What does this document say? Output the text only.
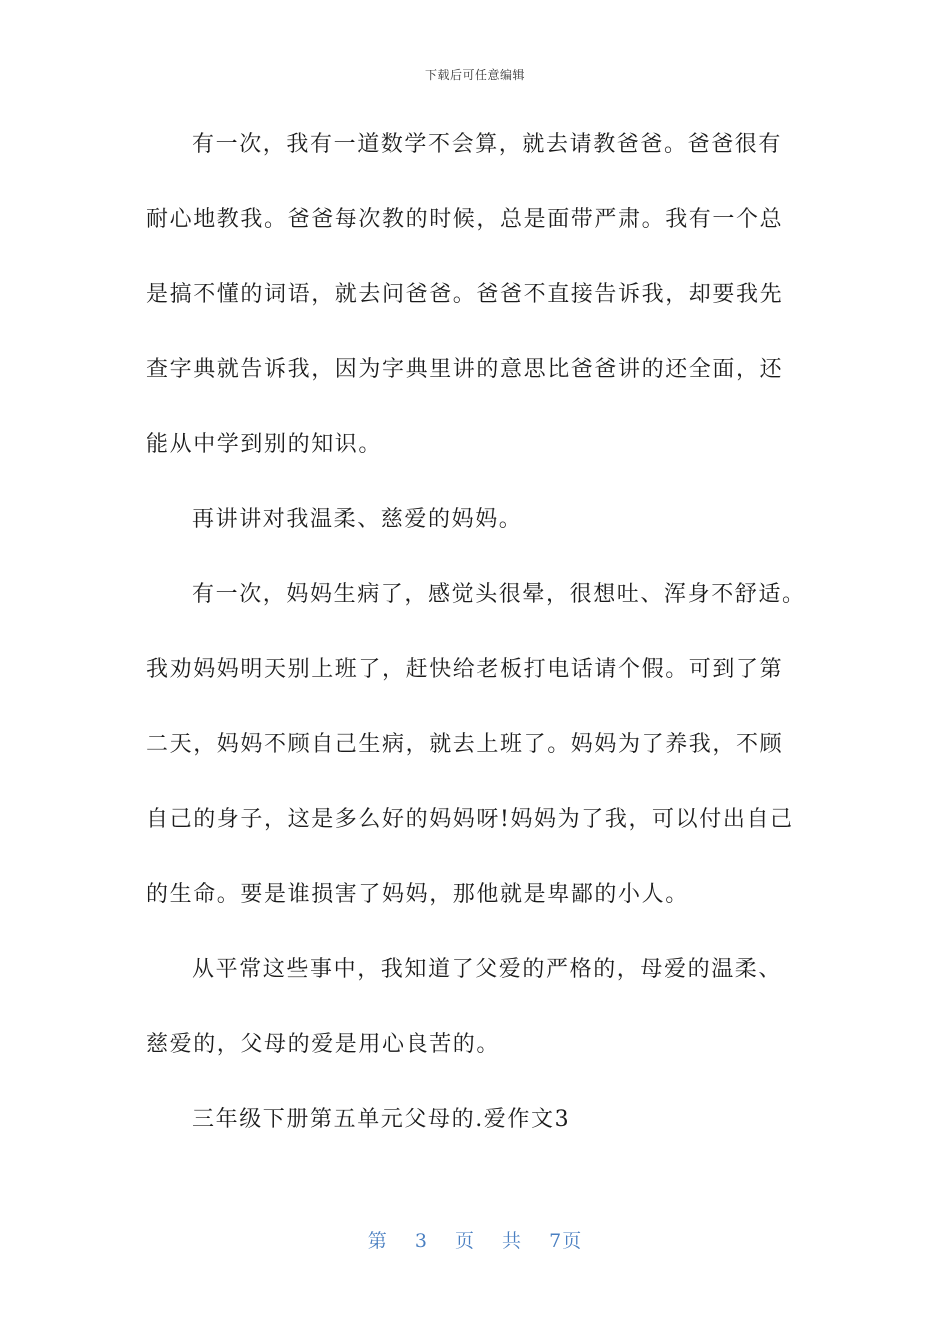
下载后可任意编辑
有一次，我有一道数学不会算，就去请教爸爸。爸爸很有
耐心地教我。爸爸每次教的时候，总是面带严肃。我有一个总
是搞不懂的词语，就去问爸爸。爸爸不直接告诉我，却要我先
查字典就告诉我，因为字典里讲的意思比爸爸讲的还全面，还
能从中学到别的知识。
再讲讲对我温柔、慈爱的妈妈。
有一次，妈妈生病了，感觉头很晕，很想吐、浑身不舒适。
我劝妈妈明天别上班了，赶快给老板打电话请个假。可到了第
二天，妈妈不顾自己生病，就去上班了。妈妈为了养我，不顾
自己的身子，这是多么好的妈妈呀!妈妈为了我，可以付出自己
的生命。要是谁损害了妈妈，那他就是卑鄙的小人。
从平常这些事中，我知道了父爱的严格的，母爱的温柔、
慈爱的，父母的爱是用心良苦的。
三年级下册第五单元父母的.爱作文3
第 3 页 共 7页
